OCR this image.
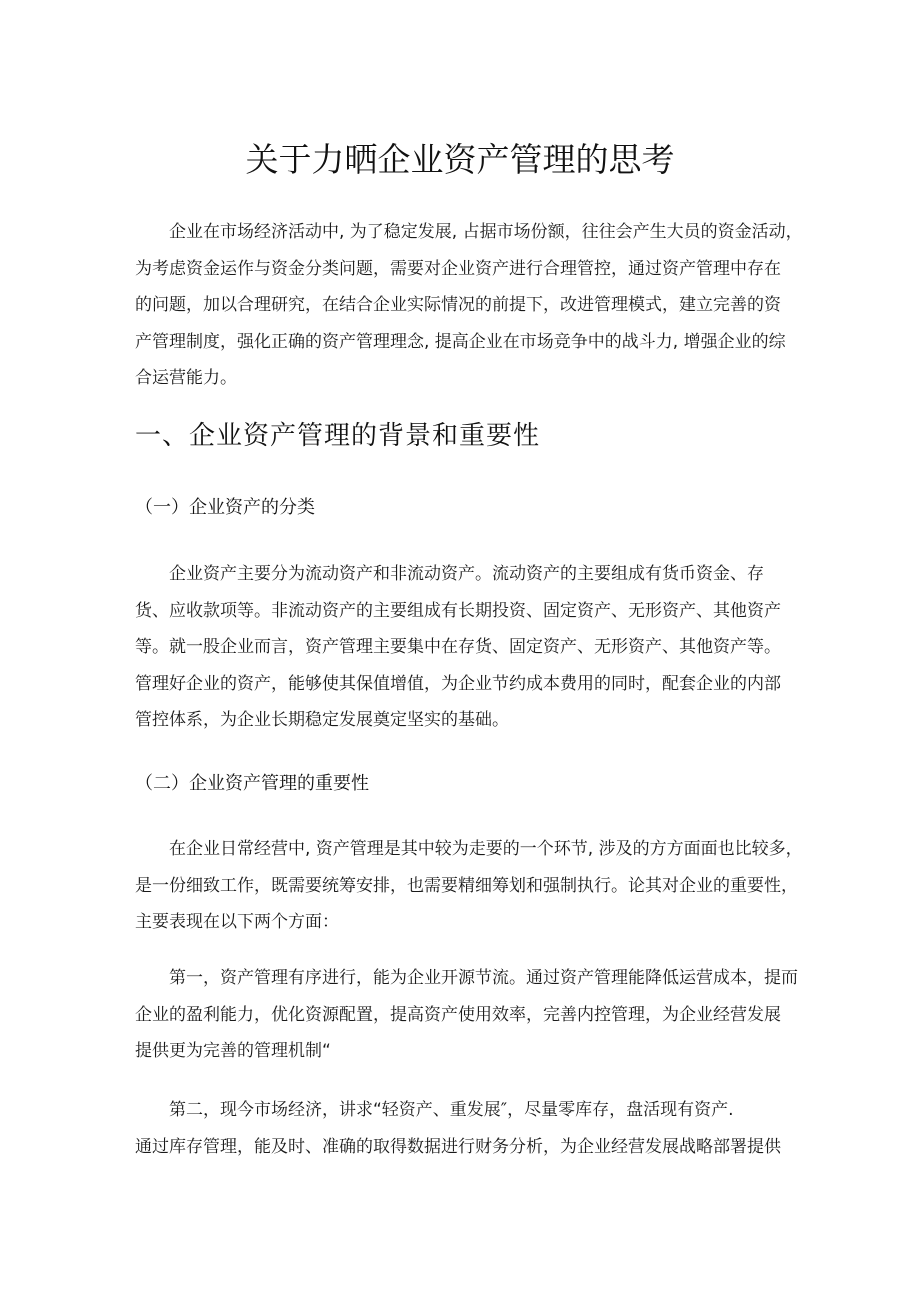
关于力晒企业资产管理的思考
企业在市场经济活动中, 为了稳定发展, 占据市场份额，往往会产生大员的资金活动，
为考虑资金运作与资金分类问题，需要对企业资产进行合理管控，通过资产管理中存在
的问题，加以合理研究，在结合企业实际情况的前提下，改进管理模式，建立完善的资
产管理制度，强化正确的资产管理理念, 提高企业在市场竞争中的战斗力, 增强企业的综
合运营能力。
一、企业资产管理的背景和重要性
（一）企业资产的分类
企业资产主要分为流动资产和非流动资产。流动资产的主要组成有货币资金、存
货、应收款项等。非流动资产的主要组成有长期投资、固定资产、无形资产、其他资产
等。就一股企业而言，资产管理主要集中在存货、固定资产、无形资产、其他资产等。
管理好企业的资产，能够使其保值增值，为企业节约成本费用的同时，配套企业的内部
管控体系，为企业长期稳定发展奠定坚实的基础。
（二）企业资产管理的重要性
在企业日常经营中, 资产管理是其中较为走要的一个环节, 涉及的方方面面也比较多，
是一份细致工作，既需要统筹安排，也需要精细筹划和强制执行。论其对企业的重要性，
主要表现在以下两个方面：
第一，资产管理有序进行，能为企业开源节流。通过资产管理能降低运营成本，提而
企业的盈利能力，优化资源配置，提高资产使用效率，完善内控管理，为企业经营发展
提供更为完善的管理机制“
第二，现今市场经济，讲求“轻资产、重发展″，尽量零库存，盘活现有资产.
通过库存管理，能及时、准确的取得数据进行财务分析，为企业经营发展战略部署提供
